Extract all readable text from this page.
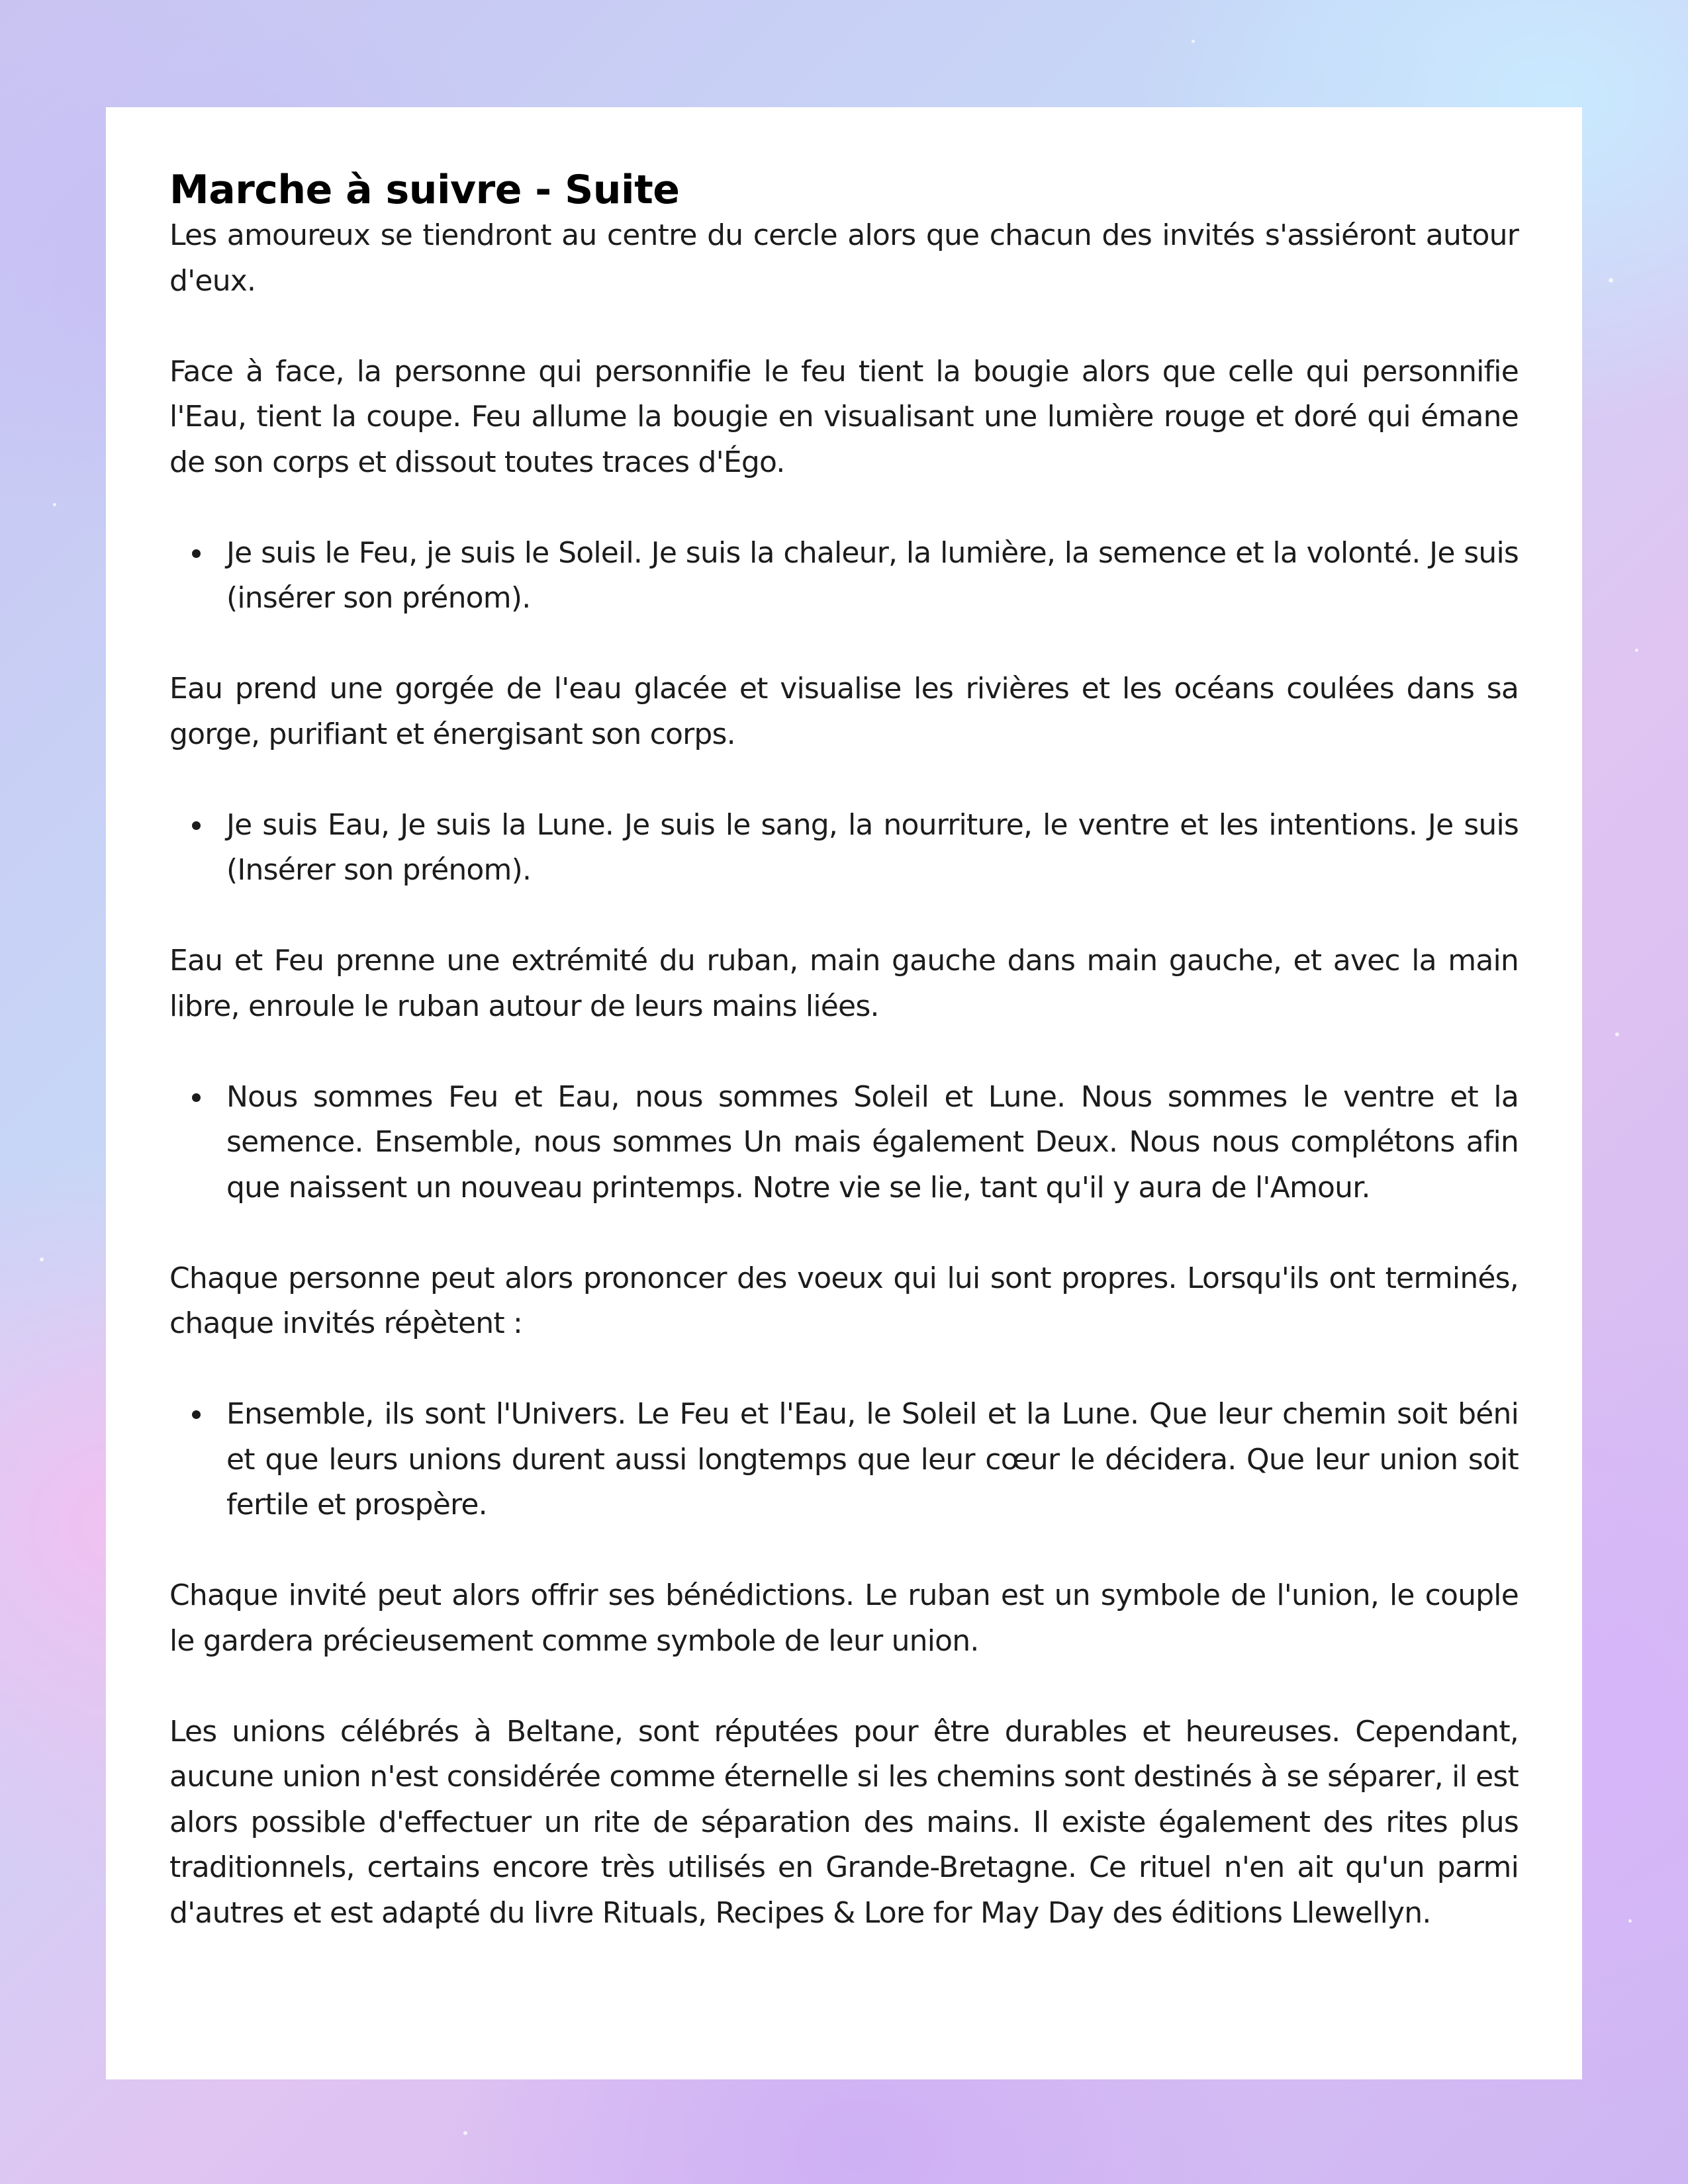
Marche à suivre - Suite

Les amoureux se tiendront au centre du cercle alors que chacun des invités s'assiéront autour d'eux.

Face à face, la personne qui personnifie le feu tient la bougie alors que celle qui personnifie l'Eau, tient la coupe. Feu allume la bougie en visualisant une lumière rouge et doré qui émane de son corps et dissout toutes traces d'Égo.

Je suis le Feu, je suis le Soleil. Je suis la chaleur, la lumière, la semence et la volonté. Je suis (insérer son prénom).

Eau prend une gorgée de l'eau glacée et visualise les rivières et les océans coulées dans sa gorge, purifiant et énergisant son corps.

Je suis Eau, Je suis la Lune. Je suis le sang, la nourriture, le ventre et les intentions. Je suis (Insérer son prénom).

Eau et Feu prenne une extrémité du ruban, main gauche dans main gauche, et avec la main libre, enroule le ruban autour de leurs mains liées.

Nous sommes Feu et Eau, nous sommes Soleil et Lune. Nous sommes le ventre et la semence. Ensemble, nous sommes Un mais également Deux. Nous nous complétons afin que naissent un nouveau printemps. Notre vie se lie, tant qu'il y aura de l'Amour.

Chaque personne peut alors prononcer des voeux qui lui sont propres. Lorsqu'ils ont terminés, chaque invités répètent :

Ensemble, ils sont l'Univers. Le Feu et l'Eau, le Soleil et la Lune. Que leur chemin soit béni et que leurs unions durent aussi longtemps que leur cœur le décidera. Que leur union soit fertile et prospère.

Chaque invité peut alors offrir ses bénédictions. Le ruban est un symbole de l'union, le couple le gardera précieusement comme symbole de leur union.

Les unions célébrés à Beltane, sont réputées pour être durables et heureuses. Cependant, aucune union n'est considérée comme éternelle si les chemins sont destinés à se séparer, il est alors possible d'effectuer un rite de séparation des mains. Il existe également des rites plus traditionnels, certains encore très utilisés en Grande-Bretagne. Ce rituel n'en ait qu'un parmi d'autres et est adapté du livre Rituals, Recipes & Lore for May Day des éditions Llewellyn.
